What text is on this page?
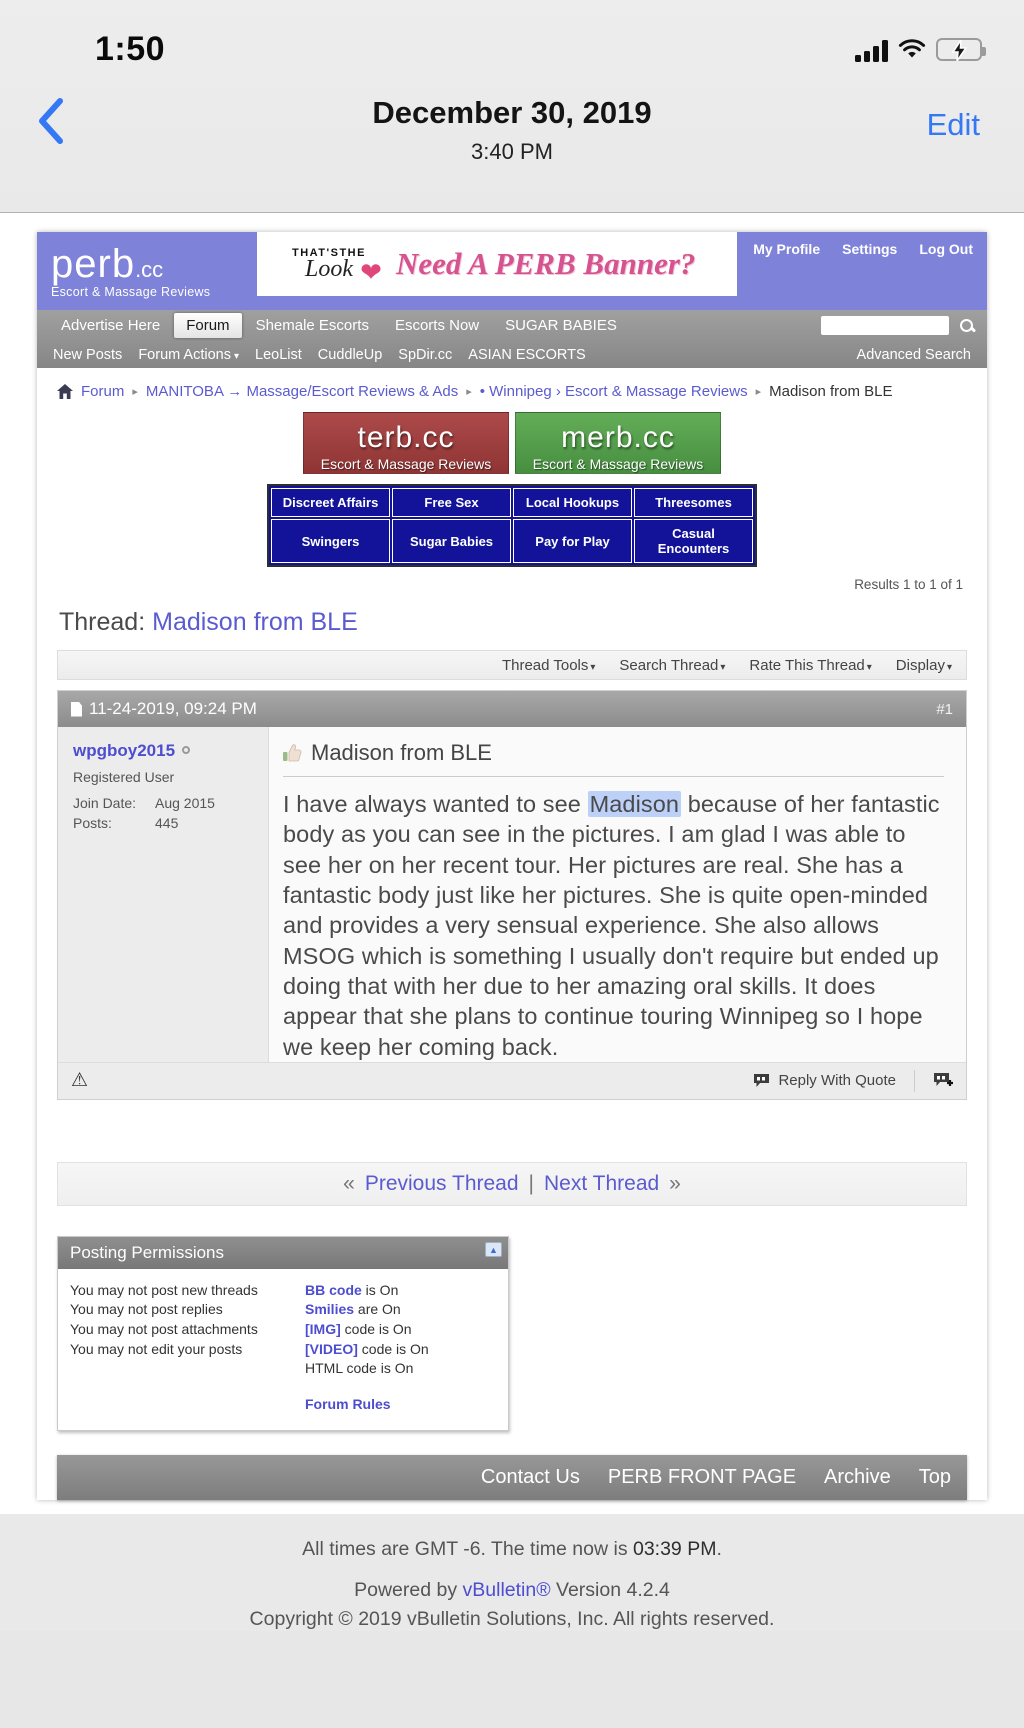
1:50
December 30, 2019
3:40 PM
Edit
perb.cc
Escort & Massage Reviews
THAT'STHE
Look ❤ Need A PERB Banner?	My Profile Settings Log Out
Advertise Here	Forum	Shemale Escorts	Escorts Now	SUGAR BABIES
New Posts Forum Actions ▾ LeoList CuddleUp SpDir.cc ASIAN ESCORTS	Advanced Search
Forum ▸ MANITOBA → Massage/Escort Reviews & Ads ▸ • Winnipeg › Escort & Massage Reviews ▸ Madison from BLE
terb.cc
Escort & Massage Reviews
merb.cc
Escort & Massage Reviews
Discreet Affairs	Free Sex	Local Hookups	Threesomes
Swingers	Sugar Babies	Pay for Play	Casual Encounters
Results 1 to 1 of 1
Thread: Madison from BLE
Thread Tools ▾ Search Thread ▾ Rate This Thread ▾ Display ▾
11-24-2019, 09:24 PM	#1
wpgboy2015
Registered User
Join Date:	Aug 2015
Posts:	445
Madison from BLE
I have always wanted to see Madison because of her fantastic body as you can see in the pictures. I am glad I was able to see her on her recent tour. Her pictures are real. She has a fantastic body just like her pictures. She is quite open-minded and provides a very sensual experience. She also allows MSOG which is something I usually don't require but ended up doing that with her due to her amazing oral skills. It does appear that she plans to continue touring Winnipeg so I hope we keep her coming back.
⚠	Reply With Quote
« Previous Thread | Next Thread »
Posting Permissions	▲
You may not post new threads
You may not post replies
You may not post attachments
You may not edit your posts
BB code is On
Smilies are On
[IMG] code is On
[VIDEO] code is On
HTML code is On
Forum Rules
Contact Us PERB FRONT PAGE Archive Top
All times are GMT -6. The time now is 03:39 PM.
Powered by vBulletin® Version 4.2.4
Copyright © 2019 vBulletin Solutions, Inc. All rights reserved.
